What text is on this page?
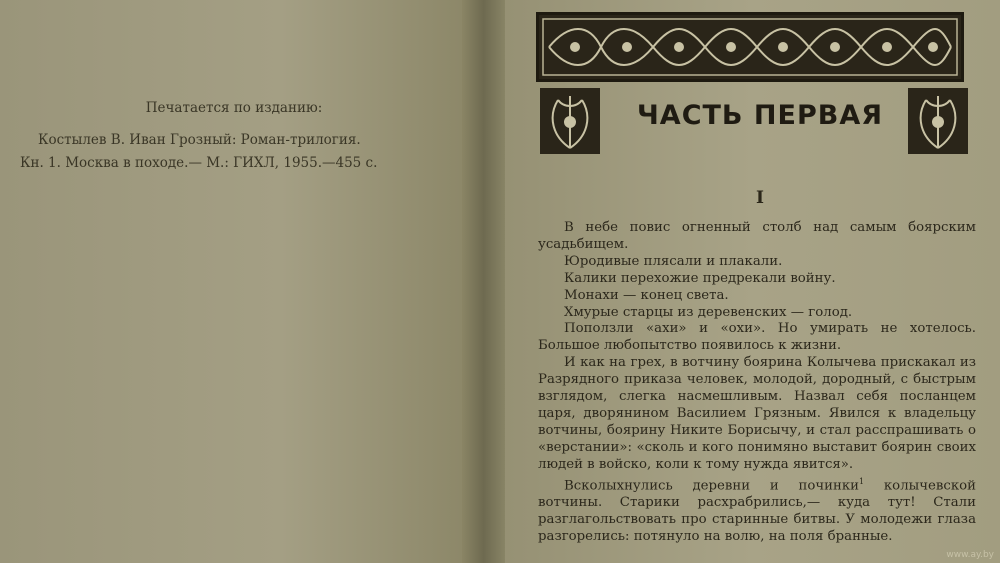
Печатается по изданию:
Костылев В. Иван Грозный: Роман-трилогия.
Кн. 1. Москва в походе.— М.: ГИХЛ, 1955.—455 с.
ЧАСТЬ ПЕРВАЯ
I

В небе повис огненный столб над самым боярским усадьбищем.

Юродивые плясали и плакали.

Калики перехожие предрекали войну.

Монахи — конец света.

Хмурые старцы из деревенских — голод.

Поползли «ахи» и «охи». Но умирать не хотелось. Большое любопытство появилось к жизни.

И как на грех, в вотчину боярина Колычева прискакал из Разрядного приказа человек, молодой, дородный, с быстрым взглядом, слегка насмешливым. Назвал себя посланцем царя, дворянином Василием Грязным. Явился к владельцу вотчины, боярину Никите Борисычу, и стал расспрашивать о «верстании»: «сколь и кого понимяно выставит боярин своих людей в войско, коли к тому нужда явится».

Всколыхнулись деревни и починки$^1$ колычевской вотчины. Старики расхрабрились,— куда тут! Стали разглагольствовать про старинные битвы. У молодежи глаза разгорелись: потянуло на волю, на поля бранные.

www.ay.by
